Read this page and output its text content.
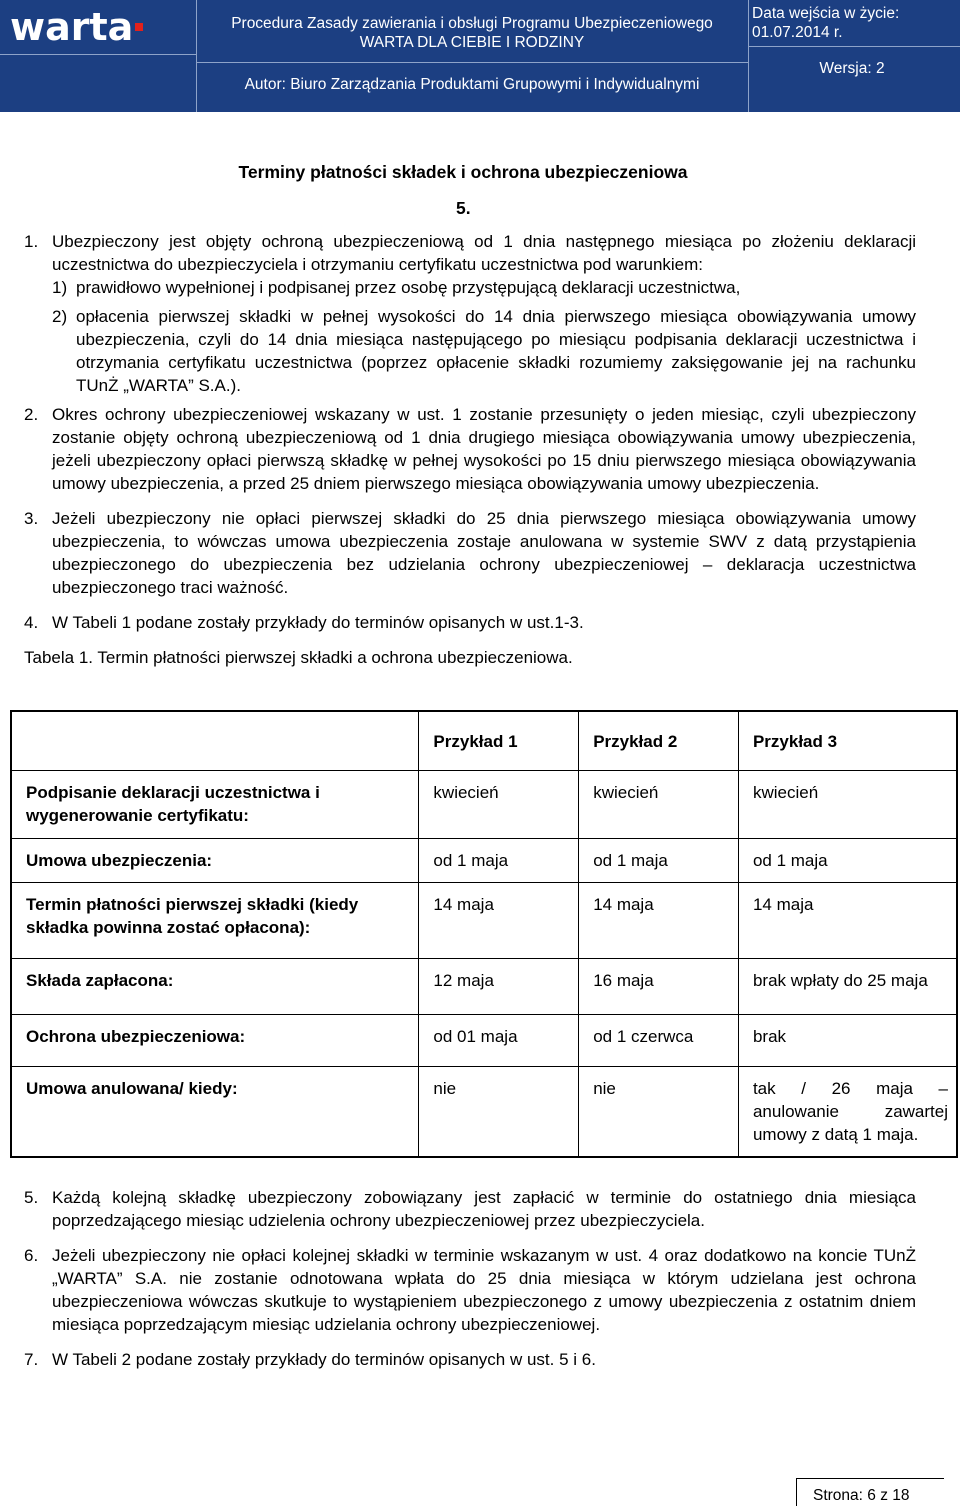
warta	Procedura Zasady zawierania i obsługi Programu Ubezpieczeniowego
WARTA DLA CIEBIE I RODZINY
Autor: Biuro Zarządzania Produktami Grupowymi i Indywidualnymi
Data wejścia w życie:
01.07.2014 r.
Wersja: 2
Terminy płatności składek i ochrona ubezpieczeniowa
5.

1. Ubezpieczony jest objęty ochroną ubezpieczeniową od 1 dnia następnego miesiąca po złożeniu deklaracji uczestnictwa do ubezpieczyciela i otrzymaniu certyfikatu uczestnictwa pod warunkiem:

1) prawidłowo wypełnionej i podpisanej przez osobę przystępującą deklaracji uczestnictwa,

2) opłacenia pierwszej składki w pełnej wysokości do 14 dnia pierwszego miesiąca obowiązywania umowy ubezpieczenia, czyli do 14 dnia miesiąca następującego po miesiącu podpisania deklaracji uczestnictwa i otrzymania certyfikatu uczestnictwa (poprzez opłacenie składki rozumiemy zaksięgowanie jej na rachunku TUnŻ „WARTA” S.A.).

2. Okres ochrony ubezpieczeniowej wskazany w ust. 1 zostanie przesunięty o jeden miesiąc, czyli ubezpieczony zostanie objęty ochroną ubezpieczeniową od 1 dnia drugiego miesiąca obowiązywania umowy ubezpieczenia, jeżeli ubezpieczony opłaci pierwszą składkę w pełnej wysokości po 15 dniu pierwszego miesiąca obowiązywania umowy ubezpieczenia, a przed 25 dniem pierwszego miesiąca obowiązywania umowy ubezpieczenia.

3. Jeżeli ubezpieczony nie opłaci pierwszej składki do 25 dnia pierwszego miesiąca obowiązywania umowy ubezpieczenia, to wówczas umowa ubezpieczenia zostaje anulowana w systemie SWV z datą przystąpienia ubezpieczonego do ubezpieczenia bez udzielania ochrony ubezpieczeniowej – deklaracja uczestnictwa ubezpieczonego traci ważność.

4. W Tabeli 1 podane zostały przykłady do terminów opisanych w ust.1-3.

Tabela 1. Termin płatności pierwszej składki a ochrona ubezpieczeniowa.

	Przykład 1	Przykład 2	Przykład 3
Podpisanie deklaracji uczestnictwa i wygenerowanie certyfikatu:	kwiecień	kwiecień	kwiecień
Umowa ubezpieczenia:	od 1 maja	od 1 maja	od 1 maja
Termin płatności pierwszej składki (kiedy składka powinna zostać opłacona):	14 maja	14 maja	14 maja
Składa zapłacona:	12 maja	16 maja	brak wpłaty do 25 maja
Ochrona ubezpieczeniowa:	od 01 maja	od 1 czerwca	brak
Umowa anulowana/ kiedy:	nie	nie	tak / 26 maja – anulowanie zawartej umowy z datą 1 maja.

5. Każdą kolejną składkę ubezpieczony zobowiązany jest zapłacić w terminie do ostatniego dnia miesiąca poprzedzającego miesiąc udzielenia ochrony ubezpieczeniowej przez ubezpieczyciela.

6. Jeżeli ubezpieczony nie opłaci kolejnej składki w terminie wskazanym w ust. 4 oraz dodatkowo na koncie TUnŻ „WARTA” S.A. nie zostanie odnotowana wpłata do 25 dnia miesiąca w którym udzielana jest ochrona ubezpieczeniowa wówczas skutkuje to wystąpieniem ubezpieczonego z umowy ubezpieczenia z ostatnim dniem miesiąca poprzedzającym miesiąc udzielania ochrony ubezpieczeniowej.

7. W Tabeli 2 podane zostały przykłady do terminów opisanych w ust. 5 i 6.

Strona: 6 z 18
